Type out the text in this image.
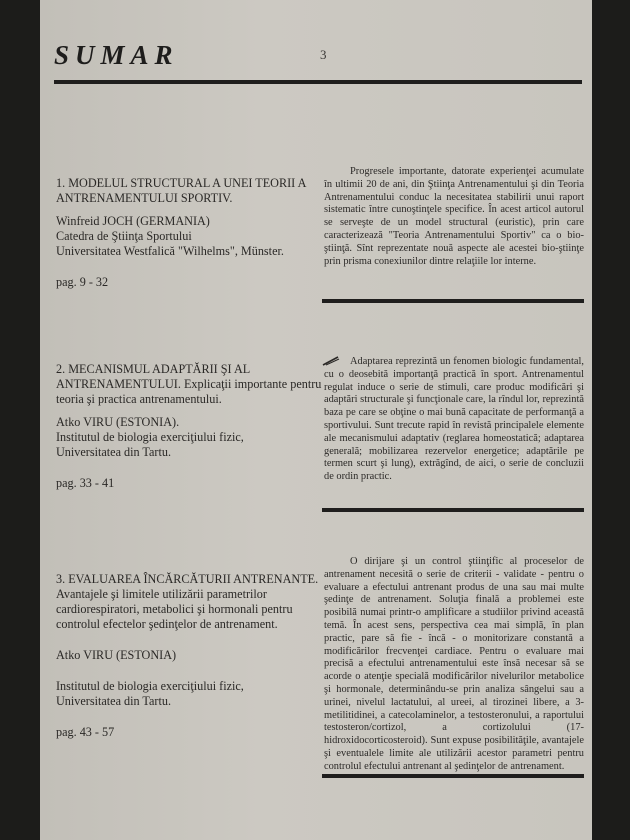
SUMAR	3
1. MODELUL STRUCTURAL A UNEI TEORII A ANTRENAMENTULUI SPORTIV.
Winfreid JOCH (GERMANIA)
Catedra de Ştiinţa Sportului
Universitatea Westfalică "Wilhelms", Münster.
pag. 9 - 32
Progresele importante, datorate experienţei acumulate în ultimii 20 de ani, din Ştiinţa Antrenamentului şi din Teoria Antrenamentului conduc la necesitatea stabilirii unui raport sistematic între cunoştinţele specifice. În acest articol autorul se serveşte de un model structural (euristic), prin care caracterizează "Teoria Antrenamentului Sportiv" ca o bio-ştiinţă. Sînt reprezentate nouă aspecte ale acestei bio-ştiinţe prin prisma conexiunilor dintre relaţiile lor interne.
2. MECANISMUL ADAPTĂRII ŞI AL ANTRENAMENTULUI. Explicaţii importante pentru teoria şi practica antrenamentului.
Atko VIRU (ESTONIA).
Institutul de biologia exerciţiului fizic,
Universitatea din Tartu.
pag. 33 - 41
Adaptarea reprezintă un fenomen biologic fundamental, cu o deosebită importanţă practică în sport. Antrenamentul regulat induce o serie de stimuli, care produc modificări şi adaptări structurale şi funcţionale care, la rîndul lor, reprezintă baza pe care se obţine o mai bună capacitate de performanţă a sportivului. Sunt trecute rapid în revistă principalele elemente ale mecanismului adaptativ (reglarea homeostatică; adaptarea generală; mobilizarea rezervelor energetice; adaptările pe termen scurt şi lung), extrăgînd, de aici, o serie de concluzii de ordin practic.
3. EVALUAREA ÎNCĂRCĂTURII ANTRENANTE. Avantajele şi limitele utilizării parametrilor cardiorespiratori, metabolici şi hormonali pentru controlul efectelor şedinţelor de antrenament.
Atko VIRU (ESTONIA)
Institutul de biologia exerciţiului fizic,
Universitatea din Tartu.
pag. 43 - 57
O dirijare şi un control ştiinţific al proceselor de antrenament necesită o serie de criterii - validate - pentru o evaluare a efectului antrenant produs de una sau mai multe şedinţe de antrenament. Soluţia finală a problemei este posibilă numai printr-o amplificare a studiilor privind această temă. În acest sens, perspectiva cea mai simplă, în plan practic, pare să fie - încă - o monitorizare constantă a modificărilor frecvenţei cardiace. Pentru o evaluare mai precisă a efectului antrenamentului este însă necesar să se acorde o atenţie specială modificărilor nivelurilor metabolice şi hormonale, determinându-se prin analiza sângelui sau a urinei, nivelul lactatului, al ureei, al tirozinei libere, a 3-metilitidinei, a catecolaminelor, a testosteronului, a raportului testosteron/cortizol, a cortizolului (17-hidroxidocorticosteroid). Sunt expuse posibilităţile, avantajele şi eventualele limite ale utilizării acestor parametri pentru controlul efectului antrenant al şedinţelor de antrenament.
